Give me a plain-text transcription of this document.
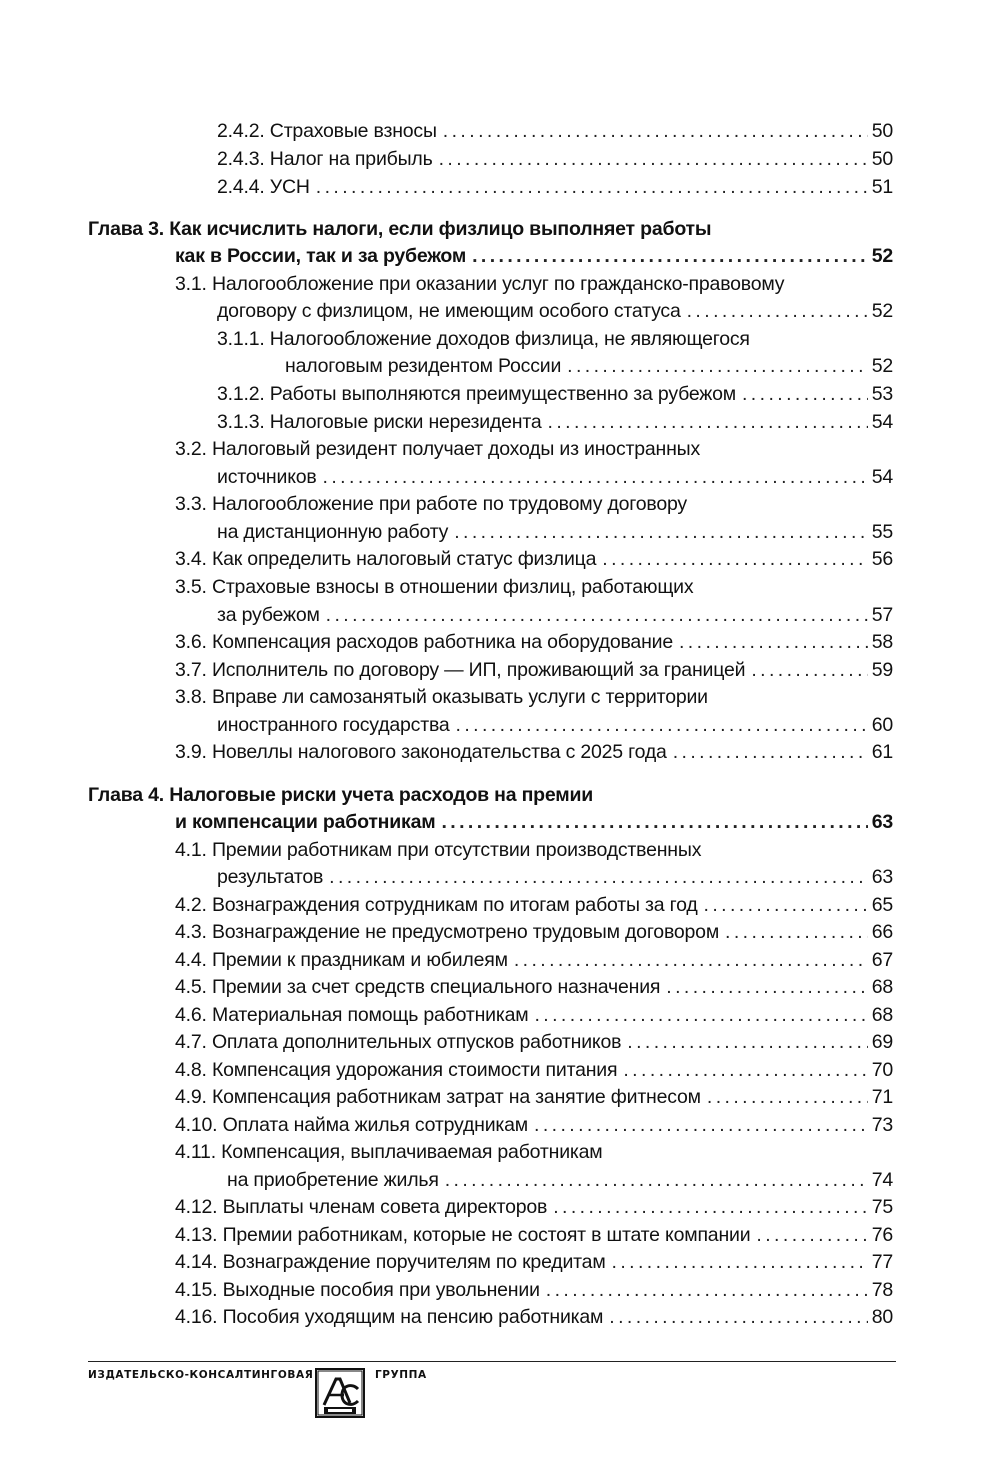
2.4.2. Страховые взносы .....	50
2.4.3. Налог на прибыль .....	50
2.4.4. УСН .....	51
Глава 3. Как исчислить налоги, если физлицо выполняет работы
как в России, так и за рубежом .....	52
3.1. Налогообложение при оказании услуг по гражданско-правовому
договору с физлицом, не имеющим особого статуса .....	52
3.1.1. Налогообложение доходов физлица, не являющегося
налоговым резидентом России .....	52
3.1.2. Работы выполняются преимущественно за рубежом .....	53
3.1.3. Налоговые риски нерезидента .....	54
3.2. Налоговый резидент получает доходы из иностранных
источников .....	54
3.3. Налогообложение при работе по трудовому договору
на дистанционную работу .....	55
3.4. Как определить налоговый статус физлица .....	56
3.5. Страховые взносы в отношении физлиц, работающих
за рубежом .....	57
3.6. Компенсация расходов работника на оборудование .....	58
3.7. Исполнитель по договору — ИП, проживающий за границей .....	59
3.8. Вправе ли самозанятый оказывать услуги с территории
иностранного государства .....	60
3.9. Новеллы налогового законодательства с 2025 года .....	61
Глава 4. Налоговые риски учета расходов на премии
и компенсации работникам .....	63
4.1. Премии работникам при отсутствии производственных
результатов .....	63
4.2. Вознаграждения сотрудникам по итогам работы за год .....	65
4.3. Вознаграждение не предусмотрено трудовым договором .....	66
4.4. Премии к праздникам и юбилеям .....	67
4.5. Премии за счет средств специального назначения .....	68
4.6. Материальная помощь работникам .....	68
4.7. Оплата дополнительных отпусков работников .....	69
4.8. Компенсация удорожания стоимости питания .....	70
4.9. Компенсация работникам затрат на занятие фитнесом .....	71
4.10. Оплата найма жилья сотрудникам .....	73
4.11. Компенсация, выплачиваемая работникам
на приобретение жилья .....	74
4.12. Выплаты членам совета директоров .....	75
4.13. Премии работникам, которые не состоят в штате компании .....	76
4.14. Вознаграждение поручителям по кредитам .....	77
4.15. Выходные пособия при увольнении .....	78
4.16. Пособия уходящим на пенсию работникам .....	80
ИЗДАТЕЛЬСКО-КОНСАЛТИНГОВАЯ	ГРУППА
